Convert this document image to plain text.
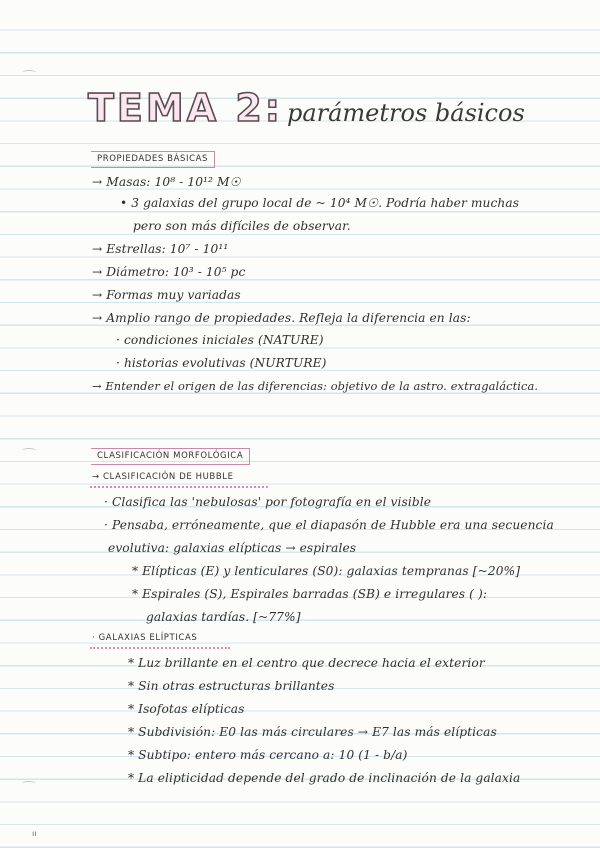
TEMA 2: parámetros básicos
PROPIEDADES BÁSICAS
→ Masas: 10⁸ - 10¹² M☉
• 3 galaxias del grupo local de ~ 10⁴ M☉. Podría haber muchas
pero son más difíciles de observar.
→ Estrellas: 10⁷ - 10¹¹
→ Diámetro: 10³ - 10⁵ pc
→ Formas muy variadas
→ Amplio rango de propiedades. Refleja la diferencia en las:
· condiciones iniciales (NATURE)
· historias evolutivas (NURTURE)
→ Entender el origen de las diferencias: objetivo de la astro. extragaláctica.
CLASIFICACIÓN MORFOLÓGICA
→ CLASIFICACIÓN DE HUBBLE
· Clasifica las 'nebulosas' por fotografía en el visible
· Pensaba, erróneamente, que el diapasón de Hubble era una secuencia
evolutiva: galaxias elípticas → espirales
* Elípticas (E) y lenticulares (S0): galaxias tempranas [~20%]
* Espirales (S), Espirales barradas (SB) e irregulares ( ):
galaxias tardías. [~77%]
· GALAXIAS ELÍPTICAS
* Luz brillante en el centro que decrece hacia el exterior
* Sin otras estructuras brillantes
* Isofotas elípticas
* Subdivisión: E0 las más circulares → E7 las más elípticas
* Subtipo: entero más cercano a: 10 (1 - b/a)
* La elipticidad depende del grado de inclinación de la galaxia
ıı
